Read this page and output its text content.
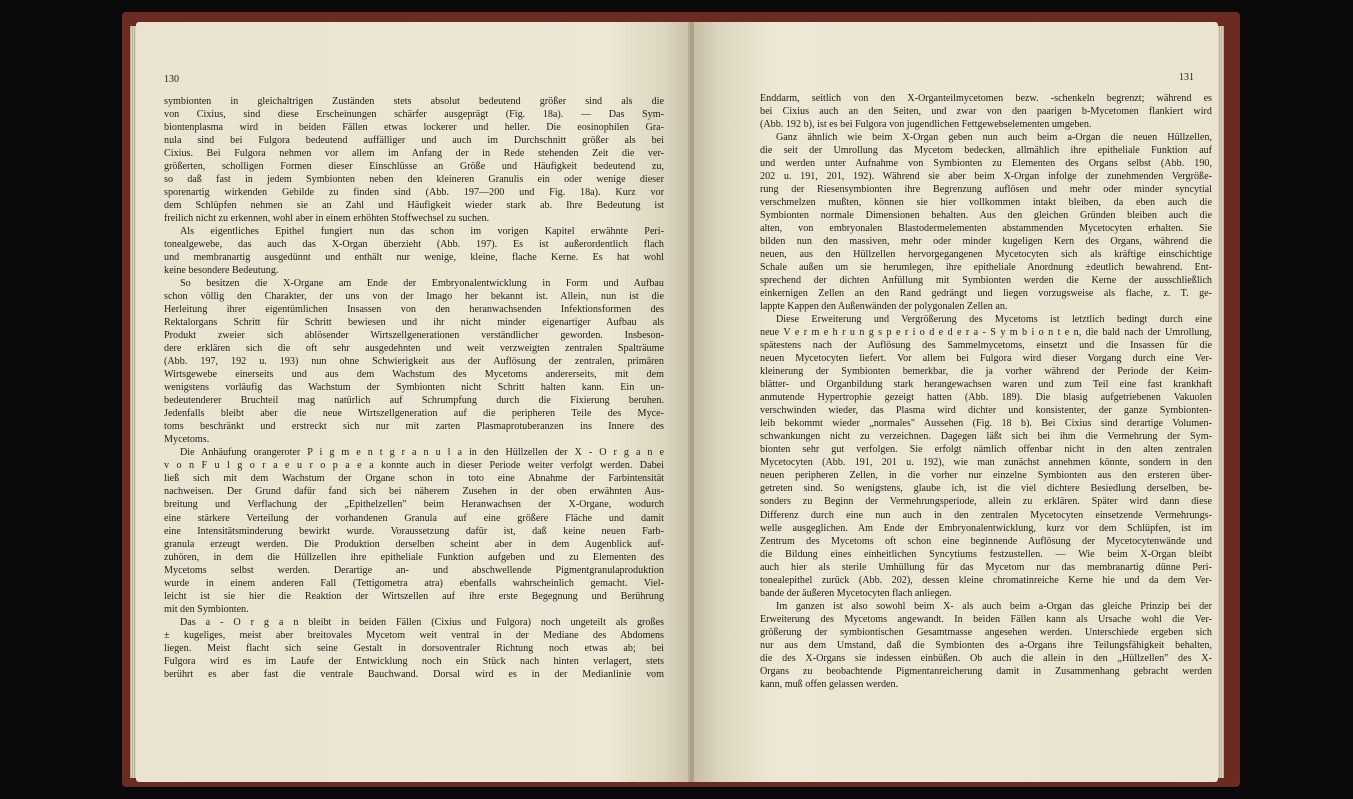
130
symbionten in gleichaltrigen Zuständen stets absolut bedeutend größer sind als die
von Cixius, sind diese Erscheinungen schärfer ausgeprägt (Fig. 18a). — Das Sym-
biontenplasma wird in beiden Fällen etwas lockerer und heller. Die eosinophilen Gra-
nula sind bei Fulgora bedeutend auffälliger und auch im Durchschnitt größer als bei
Cixius. Bei Fulgora nehmen vor allem im Anfang der in Rede stehenden Zeit die ver-
größerten, scholligen Formen dieser Einschlüsse an Größe und Häufigkeit bedeutend zu,
so daß fast in jedem Symbionten neben den kleineren Granulis ein oder wenige dieser
sporenartig wirkenden Gebilde zu finden sind (Abb. 197—200 und Fig. 18a). Kurz vor
dem Schlüpfen nehmen sie an Zahl und Häufigkeit wieder stark ab. Ihre Bedeutung ist
freilich nicht zu erkennen, wohl aber in einem erhöhten Stoffwechsel zu suchen.
Als eigentliches Epithel fungiert nun das schon im vorigen Kapitel erwähnte Peri-
tonealgewebe, das auch das X-Organ überzieht (Abb. 197). Es ist außerordentlich flach
und membranartig ausgedünnt und enthält nur wenige, kleine, flache Kerne. Es hat wohl
keine besondere Bedeutung.
So besitzen die X-Organe am Ende der Embryonalentwicklung in Form und Aufbau
schon völlig den Charakter, der uns von der Imago her bekannt ist. Allein, nun ist die
Herleitung ihrer eigentümlichen Insassen von den heranwachsenden Infektionsformen des
Rektalorgans Schritt für Schritt bewiesen und ihr nicht minder eigenartiger Aufbau als
Produkt zweier sich ablösender Wirtszellgenerationen verständlicher geworden. Insbeson-
dere erklären sich die oft sehr ausgedehnten und weit verzweigten zentralen Spalträume
(Abb. 197, 192 u. 193) nun ohne Schwierigkeit aus der Auflösung der zentralen, primären
Wirtsgewebe einerseits und aus dem Wachstum des Mycetoms andererseits, mit dem
wenigstens vorläufig das Wachstum der Symbionten nicht Schritt halten kann. Ein un-
bedeutenderer Bruchteil mag natürlich auf Schrumpfung durch die Fixierung beruhen.
Jedenfalls bleibt aber die neue Wirtszellgeneration auf die peripheren Teile des Myce-
toms beschränkt und erstreckt sich nur mit zarten Plasmaprotuberanzen ins Innere des
Mycetoms.
Die Anhäufung orangeroter P i g m e n t g r a n u l a in den Hüllzellen der X - O r g a n e
v o n F u l g o r a e u r o p a e a konnte auch in dieser Periode weiter verfolgt werden. Dabei
ließ sich mit dem Wachstum der Organe schon in toto eine Abnahme der Farbintensität
nachweisen. Der Grund dafür fand sich bei näherem Zusehen in der oben erwähnten Aus-
breitung und Verflachung der „Epithelzellen" beim Heranwachsen der X-Organe, wodurch
eine stärkere Verteilung der vorhandenen Granula auf eine größere Fläche und damit
eine Intensitätsminderung bewirkt wurde. Voraussetzung dafür ist, daß keine neuen Farb-
granula erzeugt werden. Die Produktion derselben scheint aber in dem Augenblick auf-
zuhören, in dem die Hüllzellen ihre epitheliale Funktion aufgeben und zu Elementen des
Mycetoms selbst werden. Derartige an- und abschwellende Pigmentgranulaproduktion
wurde in einem anderen Fall (Tettigometra atra) ebenfalls wahrscheinlich gemacht. Viel-
leicht ist sie hier die Reaktion der Wirtszellen auf ihre erste Begegnung und Berührung
mit den Symbionten.
Das a - O r g a n bleibt in beiden Fällen (Cixius und Fulgora) noch ungeteilt als großes
± kugeliges, meist aber breitovales Mycetom weit ventral in der Mediane des Abdomens
liegen. Meist flacht sich seine Gestalt in dorsoventraler Richtung noch etwas ab; bei
Fulgora wird es im Laufe der Entwicklung noch ein Stück nach hinten verlagert, stets
berührt es aber fast die ventrale Bauchwand. Dorsal wird es in der Medianlinie vom
131
Enddarm, seitlich von den X-Organteilmycetomen bezw. -schenkeln begrenzt; während es
bei Cixius auch an den Seiten, und zwar von den paarigen b-Mycetomen flankiert wird
(Abb. 192 b), ist es bei Fulgora von jugendlichen Fettgewebselementen umgeben.
Ganz ähnlich wie beim X-Organ geben nun auch beim a-Organ die neuen Hüllzellen,
die seit der Umrollung das Mycetom bedecken, allmählich ihre epitheliale Funktion auf
und werden unter Aufnahme von Symbionten zu Elementen des Organs selbst (Abb. 190,
202 u. 191, 201, 192). Während sie aber beim X-Organ infolge der zunehmenden Vergröße-
rung der Riesensymbionten ihre Begrenzung auflösen und mehr oder minder syncytial
verschmelzen mußten, können sie hier vollkommen intakt bleiben, da eben auch die
Symbionten normale Dimensionen behalten. Aus den gleichen Gründen bleiben auch die
alten, von embryonalen Blastodermelementen abstammenden Mycetocyten erhalten. Sie
bilden nun den massiven, mehr oder minder kugeligen Kern des Organs, während die
neuen, aus den Hüllzellen hervorgegangenen Mycetocyten sich als kräftige einschichtige
Schale außen um sie herumlegen, ihre epitheliale Anordnung ±deutlich bewahrend. Ent-
sprechend der dichten Anfüllung mit Symbionten werden die Kerne der ausschließlich
einkernigen Zellen an den Rand gedrängt und liegen vorzugsweise als flache, z. T. ge-
lappte Kappen den Außenwänden der polygonalen Zellen an.
Diese Erweiterung und Vergrößerung des Mycetoms ist letztlich bedingt durch eine
neue V e r m e h r u n g s p e r i o d e d e r a - S y m b i o n t e n, die bald nach der Umrollung,
spätestens nach der Auflösung des Sammelmycetoms, einsetzt und die Insassen für die
neuen Mycetocyten liefert. Vor allem bei Fulgora wird dieser Vorgang durch eine Ver-
kleinerung der Symbionten bemerkbar, die ja vorher während der Periode der Keim-
blätter- und Organbildung stark herangewachsen waren und zum Teil eine fast krankhaft
anmutende Hypertrophie gezeigt hatten (Abb. 189). Die blasig aufgetriebenen Vakuolen
verschwinden wieder, das Plasma wird dichter und konsistenter, der ganze Symbionten-
leib bekommt wieder „normales" Aussehen (Fig. 18 b). Bei Cixius sind derartige Volumen-
schwankungen nicht zu verzeichnen. Dagegen läßt sich bei ihm die Vermehrung der Sym-
bionten sehr gut verfolgen. Sie erfolgt nämlich offenbar nicht in den alten zentralen
Mycetocyten (Abb. 191, 201 u. 192), wie man zunächst annehmen könnte, sondern in den
neuen peripheren Zellen, in die vorher nur einzelne Symbionten aus den ersteren über-
getreten sind. So wenigstens, glaube ich, ist die viel dichtere Besiedlung derselben, be-
sonders zu Beginn der Vermehrungsperiode, allein zu erklären. Später wird dann diese
Differenz durch eine nun auch in den zentralen Mycetocyten einsetzende Vermehrungs-
welle ausgeglichen. Am Ende der Embryonalentwicklung, kurz vor dem Schlüpfen, ist im
Zentrum des Mycetoms oft schon eine beginnende Auflösung der Mycetocytenwände und
die Bildung eines einheitlichen Syncytiums festzustellen. — Wie beim X-Organ bleibt
auch hier als sterile Umhüllung für das Mycetom nur das membranartig dünne Peri-
tonealepithel zurück (Abb. 202), dessen kleine chromatinreiche Kerne hie und da dem Ver-
bande der äußeren Mycetocyten flach anliegen.
Im ganzen ist also sowohl beim X- als auch beim a-Organ das gleiche Prinzip bei der
Erweiterung des Mycetoms angewandt. In beiden Fällen kann als Ursache wohl die Ver-
größerung der symbiontischen Gesamtmasse angesehen werden. Unterschiede ergeben sich
nur aus dem Umstand, daß die Symbionten des a-Organs ihre Teilungsfähigkeit behalten,
die des X-Organs sie indessen einbüßen. Ob auch die allein in den „Hüllzellen" des X-
Organs zu beobachtende Pigmentanreicherung damit in Zusammenhang gebracht werden
kann, muß offen gelassen werden.
